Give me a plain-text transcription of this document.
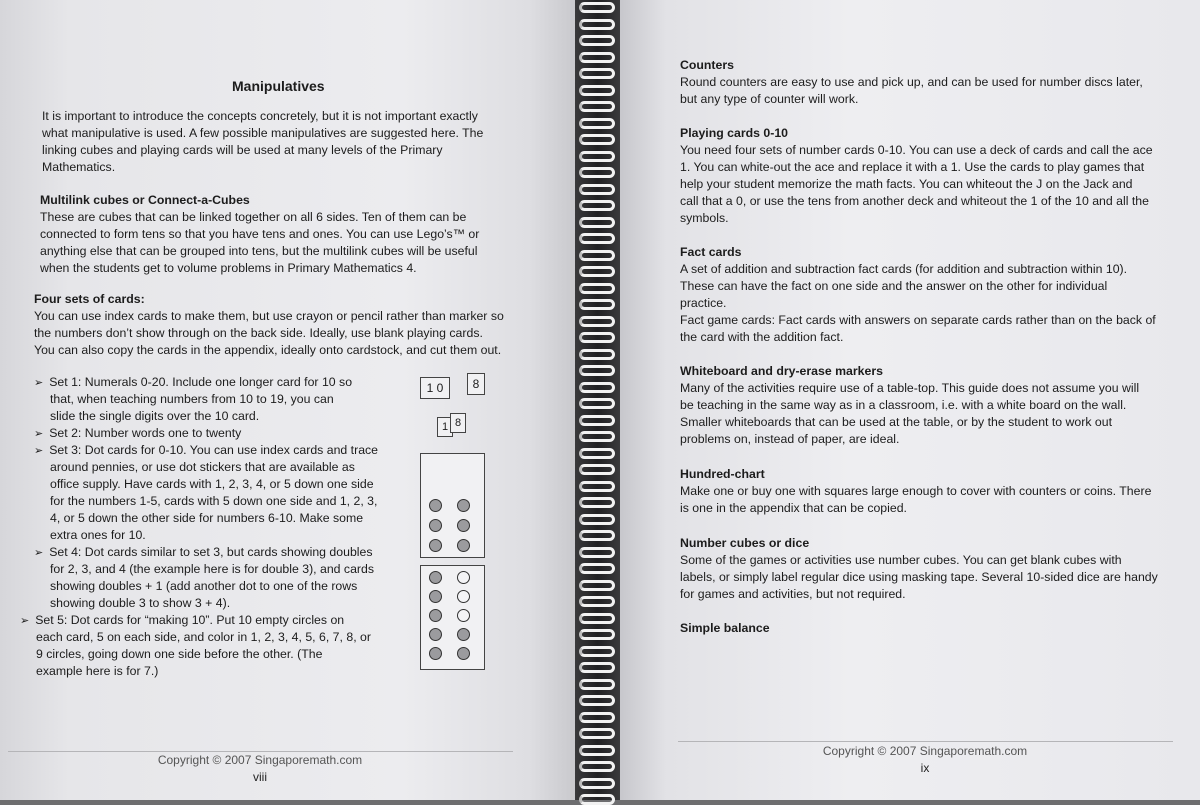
Manipulatives
It is important to introduce the concepts concretely, but it is not important exactly
what manipulative is used. A few possible manipulatives are suggested here. The
linking cubes and playing cards will be used at many levels of the Primary
Mathematics.
Multilink cubes or Connect-a-Cubes
These are cubes that can be linked together on all 6 sides. Ten of them can be
connected to form tens so that you have tens and ones. You can use Lego’s™ or
anything else that can be grouped into tens, but the multilink cubes will be useful
when the students get to volume problems in Primary Mathematics 4.
Four sets of cards:
You can use index cards to make them, but use crayon or pencil rather than marker so
the numbers don’t show through on the back side. Ideally, use blank playing cards.
You can also copy the cards in the appendix, ideally onto cardstock, and cut them out.
➢ Set 1: Numerals 0-20. Include one longer card for 10 so
that, when teaching numbers from 10 to 19, you can
slide the single digits over the 10 card.
➢ Set 2: Number words one to twenty
➢ Set 3: Dot cards for 0-10. You can use index cards and trace
around pennies, or use dot stickers that are available as
office supply. Have cards with 1, 2, 3, 4, or 5 down one side
for the numbers 1-5, cards with 5 down one side and 1, 2, 3,
4, or 5 down the other side for numbers 6-10. Make some
extra ones for 10.
➢ Set 4: Dot cards similar to set 3, but cards showing doubles
for 2, 3, and 4 (the example here is for double 3), and cards
showing doubles + 1 (add another dot to one of the rows
showing double 3 to show 3 + 4).
➢ Set 5: Dot cards for “making 10”. Put 10 empty circles on
each card, 5 on each side, and color in 1, 2, 3, 4, 5, 6, 7, 8, or
9 circles, going down one side before the other. (The
example here is for 7.)
1 0	8
1 8
Copyright © 2007 Singaporemath.com
viii
Counters
Round counters are easy to use and pick up, and can be used for number discs later,
but any type of counter will work.
Playing cards 0-10
You need four sets of number cards 0-10. You can use a deck of cards and call the ace
1. You can white-out the ace and replace it with a 1. Use the cards to play games that
help your student memorize the math facts. You can whiteout the J on the Jack and
call that a 0, or use the tens from another deck and whiteout the 1 of the 10 and all the
symbols.
Fact cards
A set of addition and subtraction fact cards (for addition and subtraction within 10).
These can have the fact on one side and the answer on the other for individual
practice.
Fact game cards: Fact cards with answers on separate cards rather than on the back of
the card with the addition fact.
Whiteboard and dry-erase markers
Many of the activities require use of a table-top. This guide does not assume you will
be teaching in the same way as in a classroom, i.e. with a white board on the wall.
Smaller whiteboards that can be used at the table, or by the student to work out
problems on, instead of paper, are ideal.
Hundred-chart
Make one or buy one with squares large enough to cover with counters or coins. There
is one in the appendix that can be copied.
Number cubes or dice
Some of the games or activities use number cubes. You can get blank cubes with
labels, or simply label regular dice using masking tape. Several 10-sided dice are handy
for games and activities, but not required.
Simple balance
Copyright © 2007 Singaporemath.com
ix
